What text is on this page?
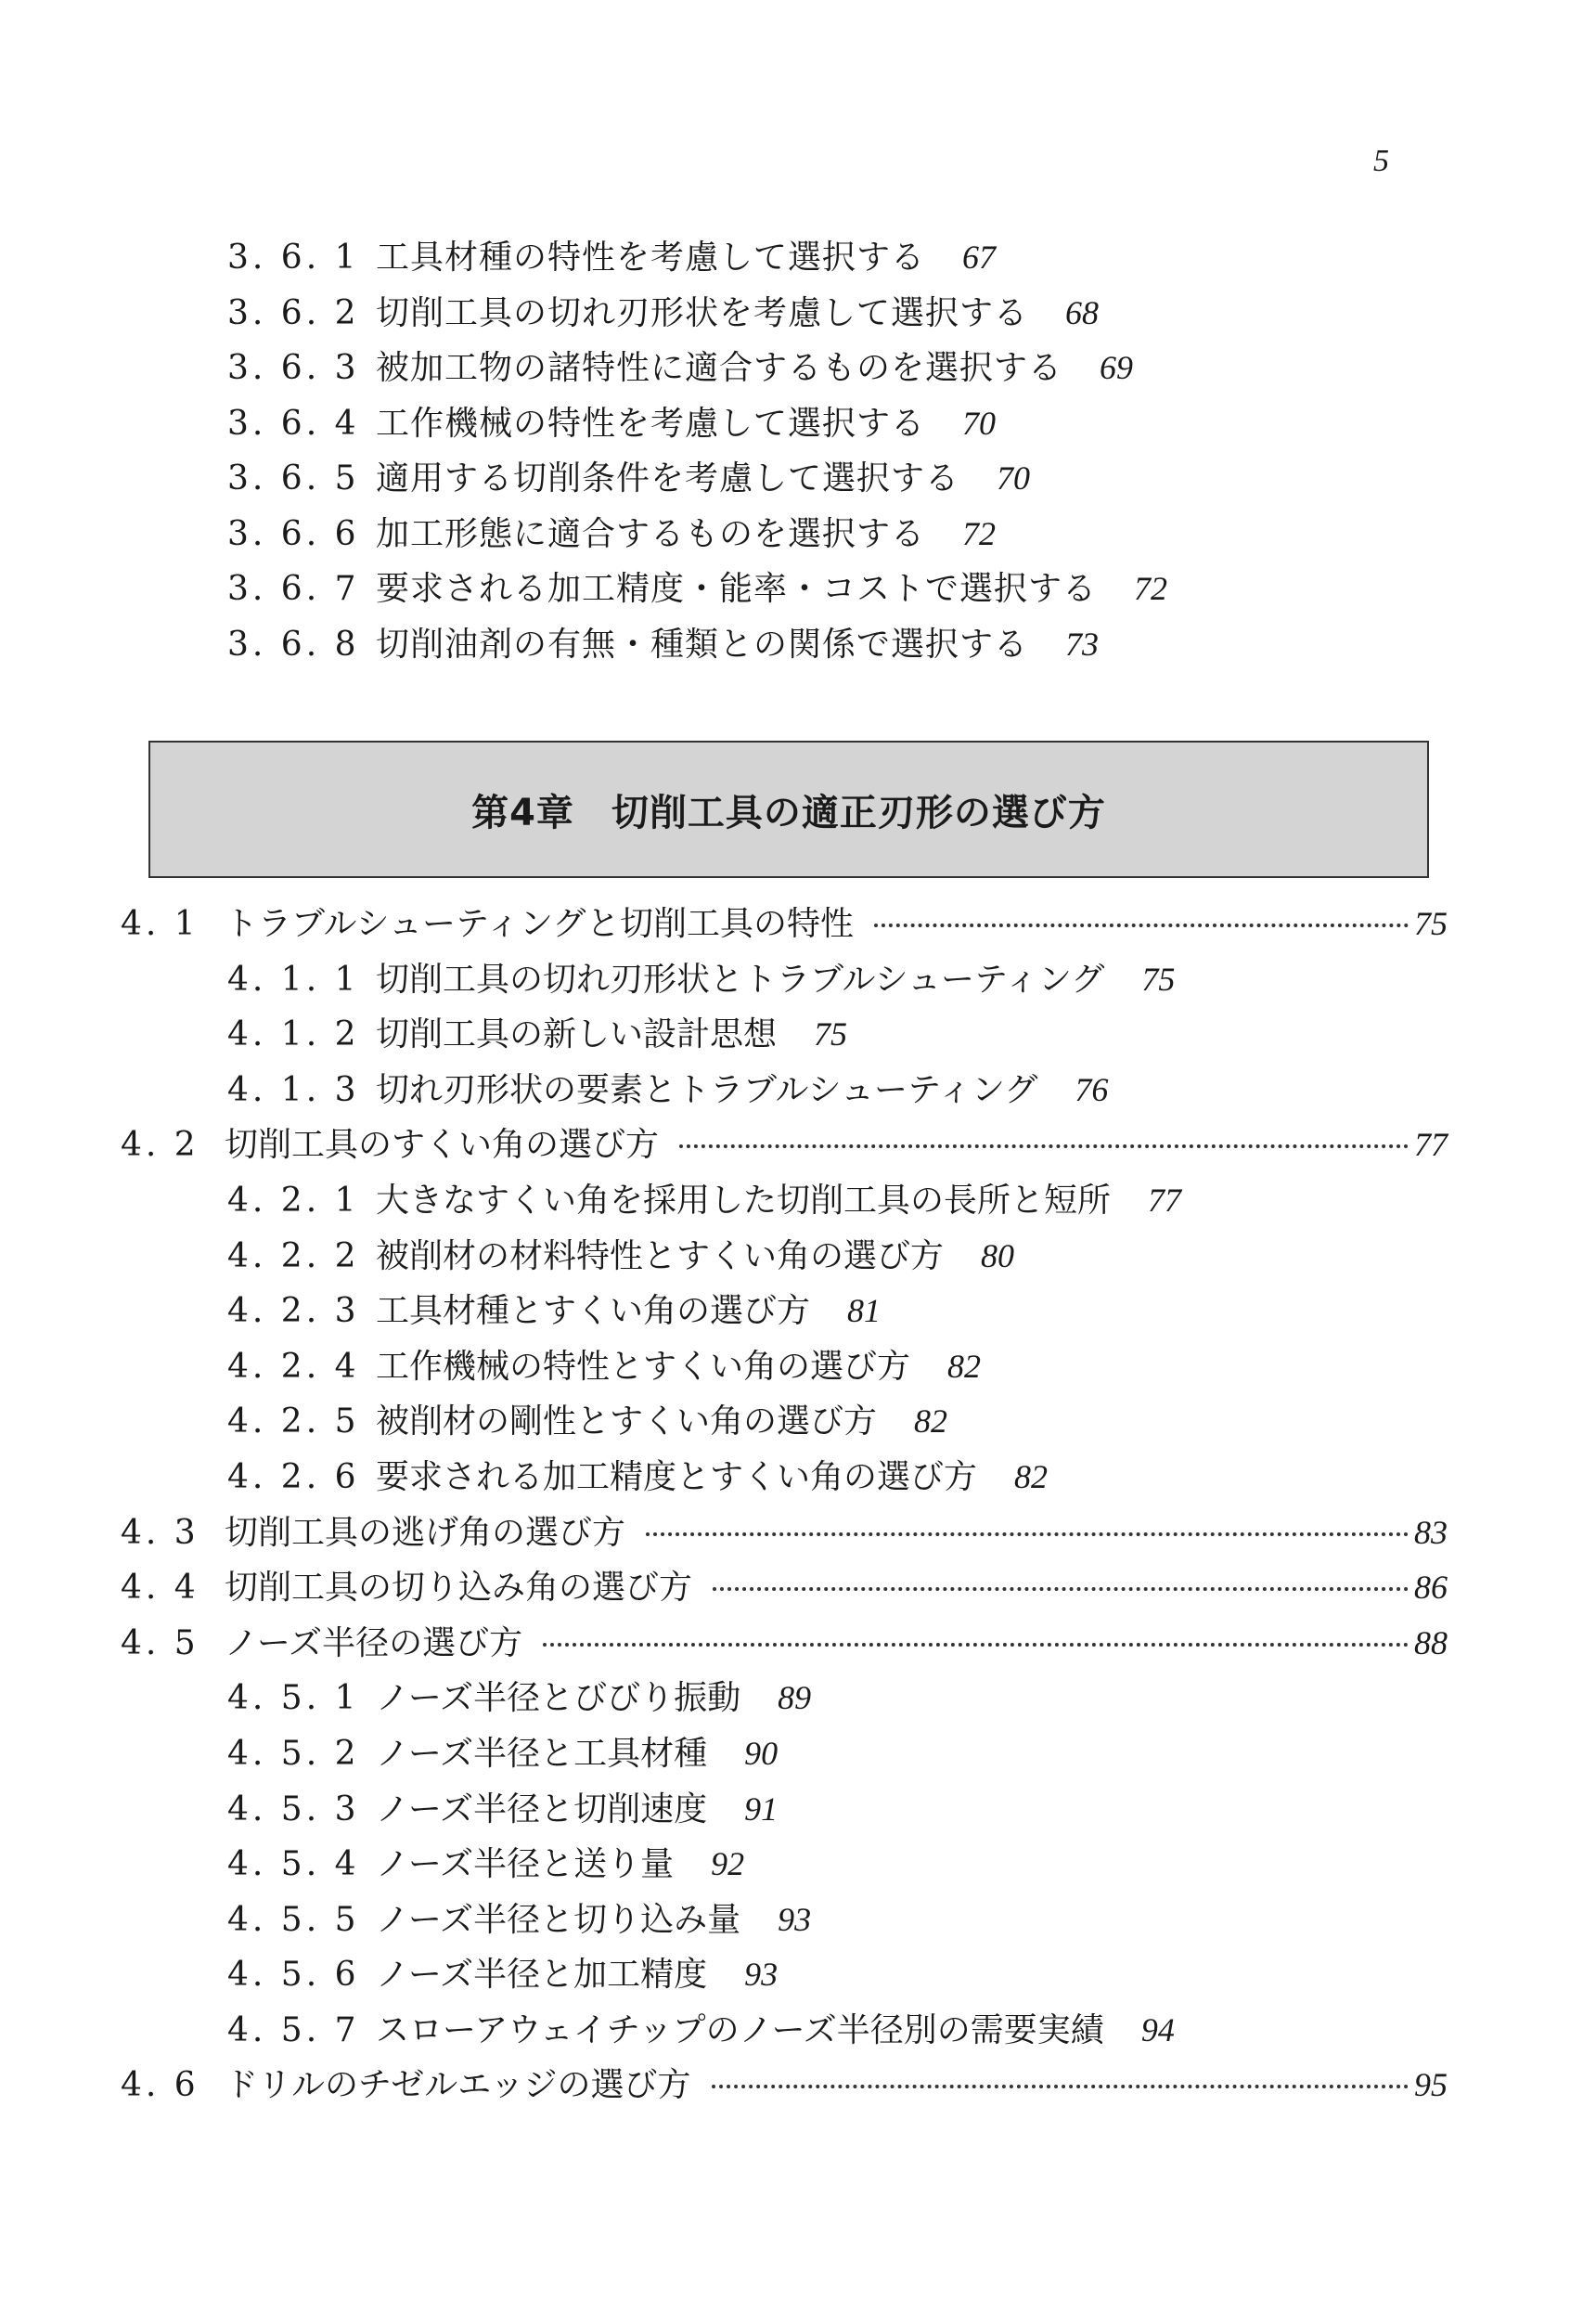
5
3. 6. 1 工具材種の特性を考慮して選択する 67
3. 6. 2 切削工具の切れ刃形状を考慮して選択する 68
3. 6. 3 被加工物の諸特性に適合するものを選択する 69
3. 6. 4 工作機械の特性を考慮して選択する 70
3. 6. 5 適用する切削条件を考慮して選択する 70
3. 6. 6 加工形態に適合するものを選択する 72
3. 6. 7 要求される加工精度・能率・コストで選択する 72
3. 6. 8 切削油剤の有無・種類との関係で選択する 73
第4章 切削工具の適正刃形の選び方
4. 1 トラブルシューティングと切削工具の特性	75
4. 1. 1 切削工具の切れ刃形状とトラブルシューティング 75
4. 1. 2 切削工具の新しい設計思想 75
4. 1. 3 切れ刃形状の要素とトラブルシューティング 76
4. 2 切削工具のすくい角の選び方	77
4. 2. 1 大きなすくい角を採用した切削工具の長所と短所 77
4. 2. 2 被削材の材料特性とすくい角の選び方 80
4. 2. 3 工具材種とすくい角の選び方 81
4. 2. 4 工作機械の特性とすくい角の選び方 82
4. 2. 5 被削材の剛性とすくい角の選び方 82
4. 2. 6 要求される加工精度とすくい角の選び方 82
4. 3 切削工具の逃げ角の選び方	83
4. 4 切削工具の切り込み角の選び方	86
4. 5 ノーズ半径の選び方	88
4. 5. 1 ノーズ半径とびびり振動 89
4. 5. 2 ノーズ半径と工具材種 90
4. 5. 3 ノーズ半径と切削速度 91
4. 5. 4 ノーズ半径と送り量 92
4. 5. 5 ノーズ半径と切り込み量 93
4. 5. 6 ノーズ半径と加工精度 93
4. 5. 7 スローアウェイチップのノーズ半径別の需要実績 94
4. 6 ドリルのチゼルエッジの選び方	95
